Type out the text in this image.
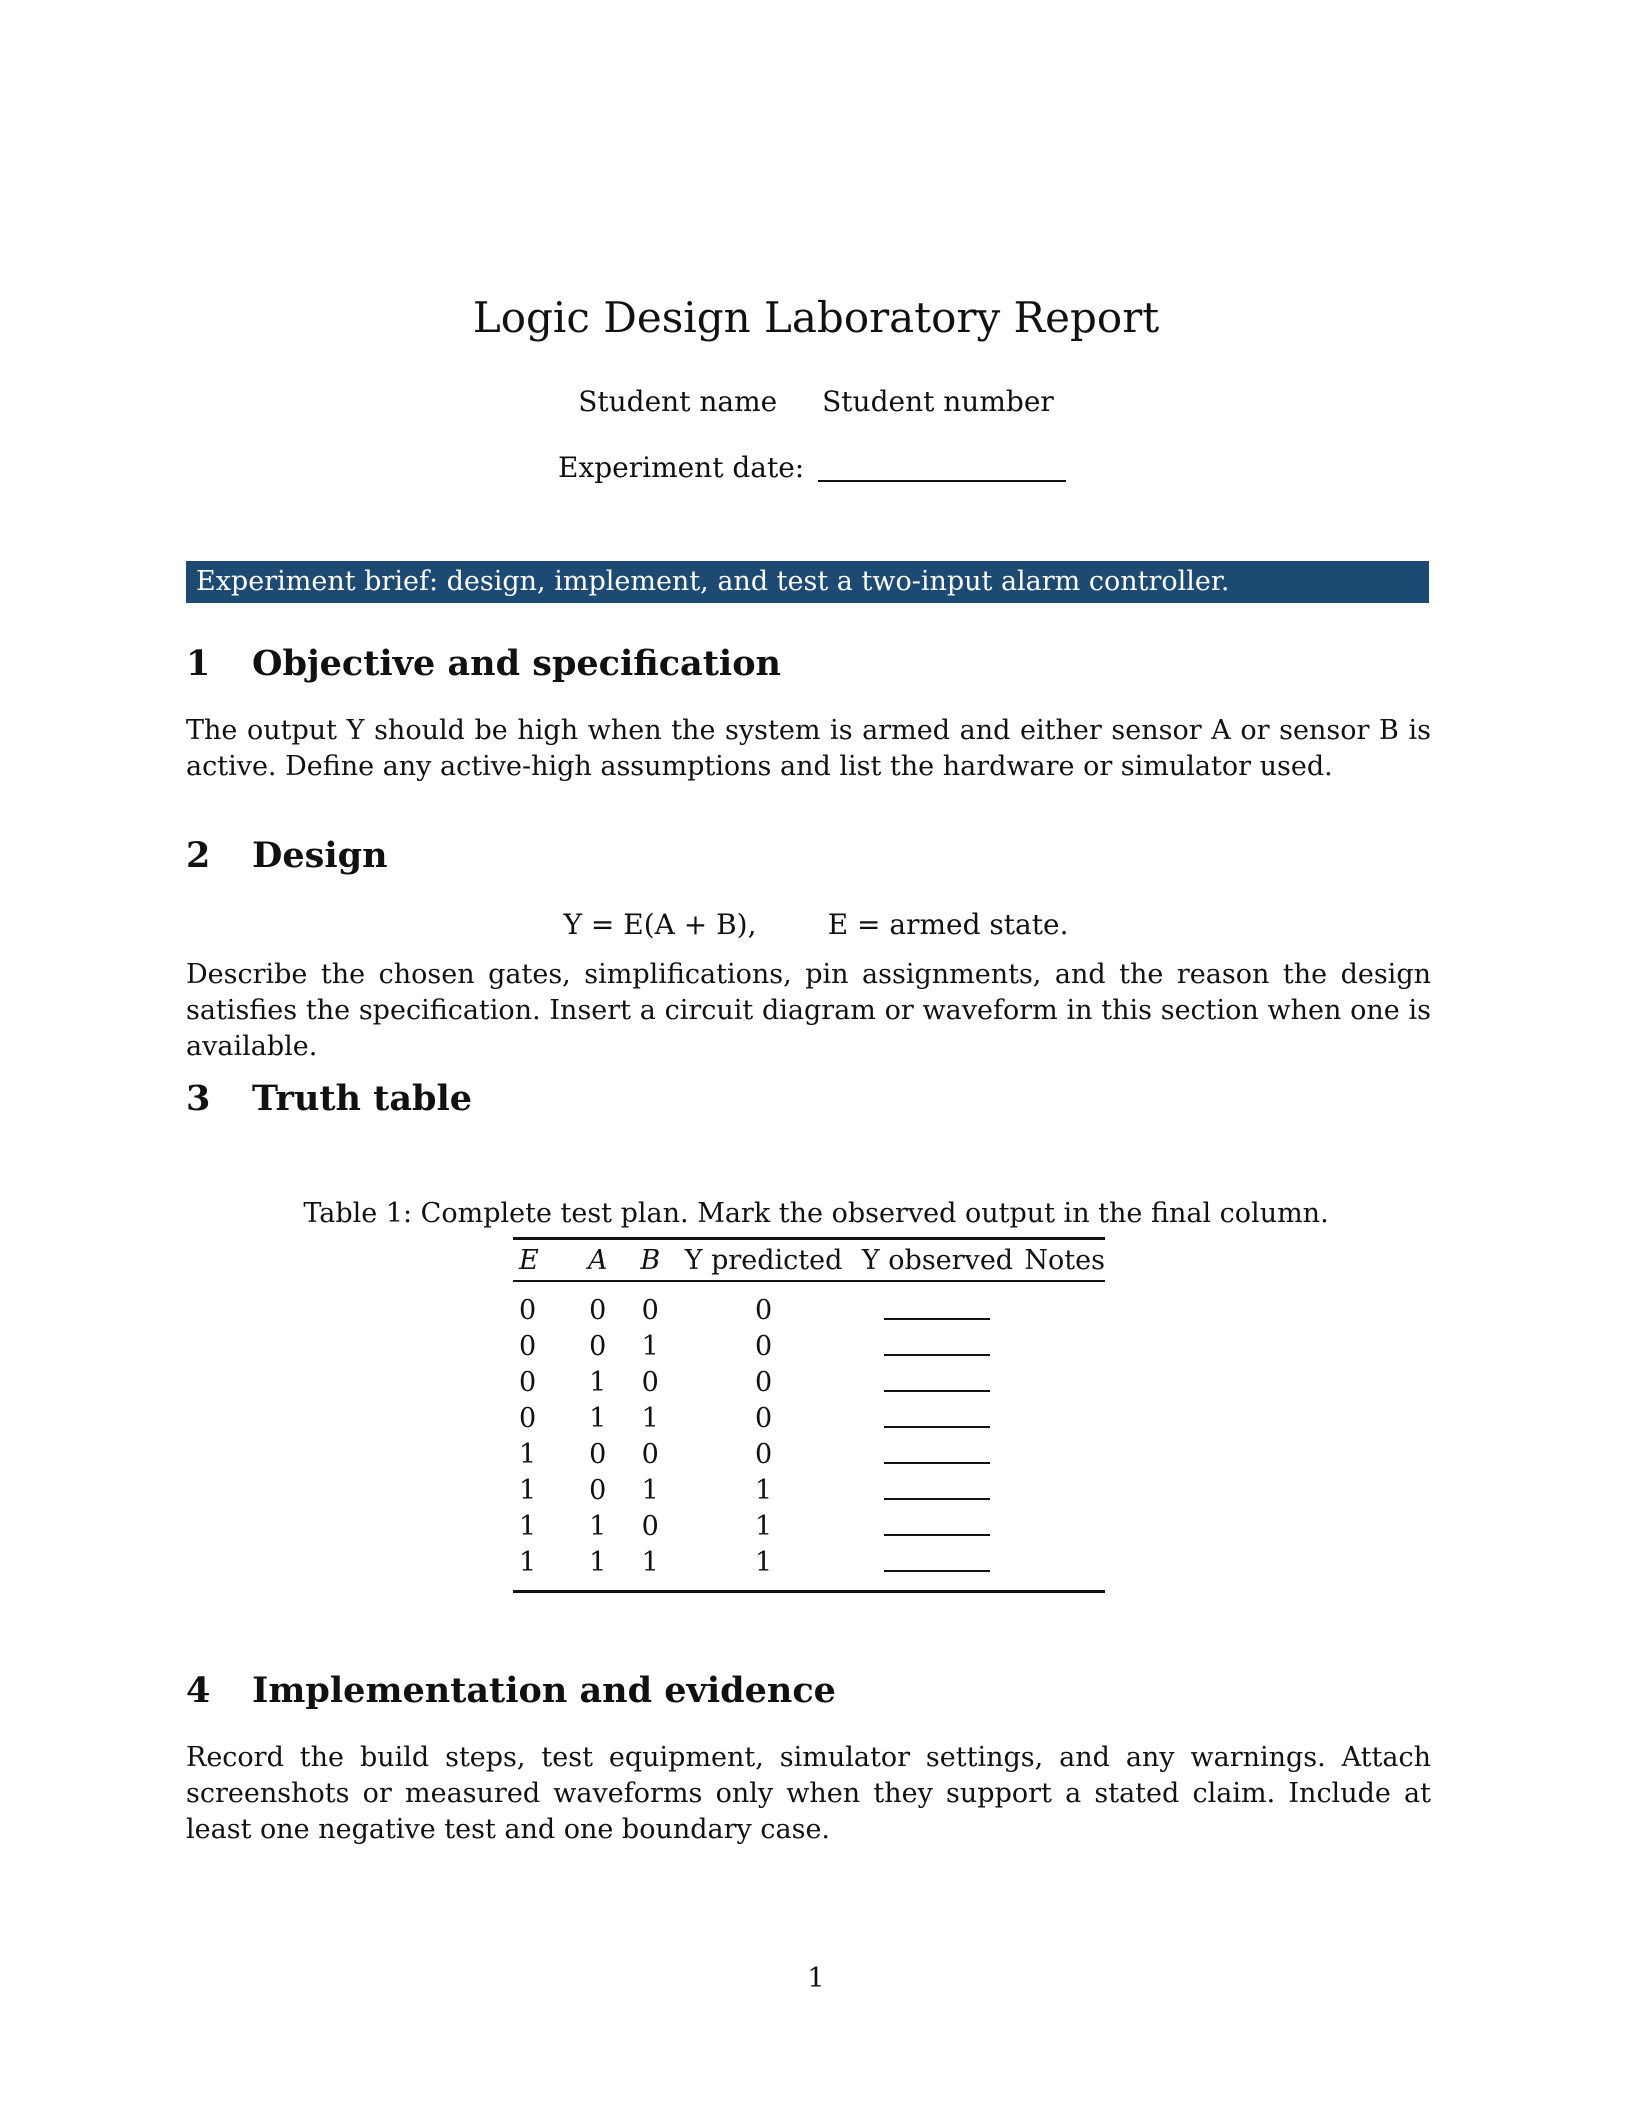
Logic Design Laboratory Report
Student name Student number
Experiment date:
Experiment brief: design, implement, and test a two-input alarm controller.
1	Objective and specification

The output Y should be high when the system is armed and either sensor A or sensor B is active. Define any active-high assumptions and list the hardware or simulator used.

2	Design
Y = E(A + B),        E = armed state.

Describe the chosen gates, simplifications, pin assignments, and the reason the design satisfies the specification. Insert a circuit diagram or waveform in this section when one is available.

3	Truth table
Table 1: Complete test plan. Mark the observed output in the final column.
E	A	B	Y predicted	Y observed	Notes
0	0	0	0		
0	0	1	0		
0	1	0	0		
0	1	1	0		
1	0	0	0		
1	0	1	1		
1	1	0	1		
1	1	1	1		
4	Implementation and evidence

Record the build steps, test equipment, simulator settings, and any warnings. Attach screenshots or measured waveforms only when they support a stated claim. Include at least one negative test and one boundary case.

1
